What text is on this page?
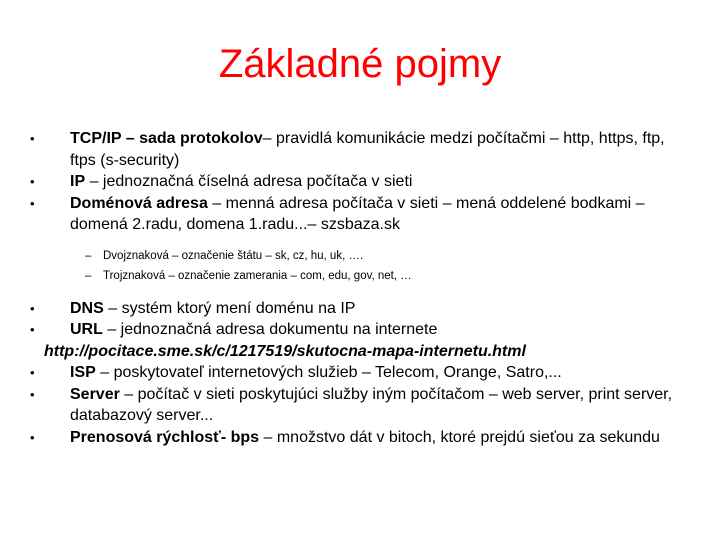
Základné pojmy
• TCP/IP – sada protokolov– pravidlá komunikácie medzi počítačmi – http, https, ftp, ftps (s-security)
• IP – jednoznačná číselná adresa počítača v sieti
• Doménová adresa – menná adresa počítača v sieti – mená oddelené bodkami –domená 2.radu, domena 1.radu...– szsbaza.sk
– Dvojznaková – označenie štátu – sk, cz, hu, uk, ….
– Trojznaková – označenie zamerania – com, edu, gov, net, …
• DNS – systém ktorý mení doménu na IP
• URL – jednoznačná adresa dokumentu na internete
http://pocitace.sme.sk/c/1217519/skutocna-mapa-internetu.html
• ISP – poskytovateľ internetových služieb – Telecom, Orange, Satro,...
• Server – počítač v sieti poskytujúci služby iným počítačom – web server, print server, databazový server...
• Prenosová rýchlosť- bps – množstvo dát v bitoch, ktoré prejdú sieťou za sekundu
